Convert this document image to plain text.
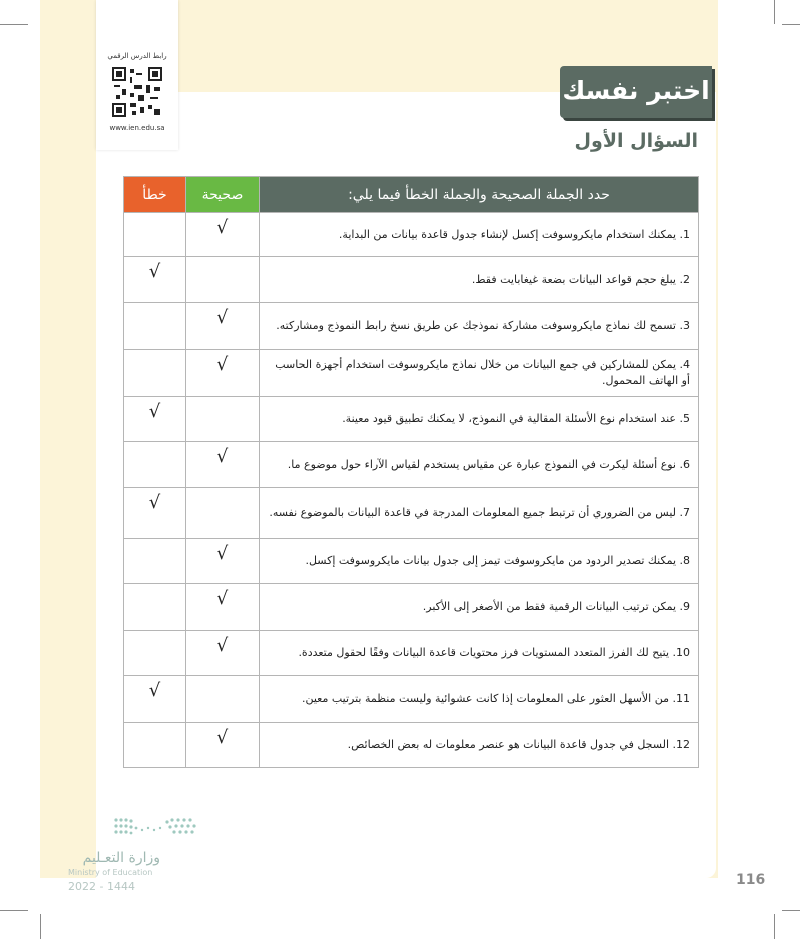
رابط الدرس الرقمي
www.ien.edu.sa
اختبر نفسك
السؤال الأول
خطأ	صحيحة	حدد الجملة الصحيحة والجملة الخطأ فيما يلي:
	√	1. يمكنك استخدام مايكروسوفت إكسل لإنشاء جدول قاعدة بيانات من البداية.
√		2. يبلغ حجم قواعد البيانات بضعة غيغابايت فقط.
	√	3. تسمح لك نماذج مايكروسوفت مشاركة نموذجك عن طريق نسخ رابط النموذج ومشاركته.
	√	4. يمكن للمشاركين في جمع البيانات من خلال نماذج مايكروسوفت استخدام أجهزة الحاسب أو الهاتف المحمول.
√		5. عند استخدام نوع الأسئلة المقالية في النموذج، لا يمكنك تطبيق قيود معينة.
	√	6. نوع أسئلة ليكرت في النموذج عبارة عن مقياس يستخدم لقياس الآراء حول موضوع ما.
√		7. ليس من الضروري أن ترتبط جميع المعلومات المدرجة في قاعدة البيانات بالموضوع نفسه.
	√	8. يمكنك تصدير الردود من مايكروسوفت تيمز إلى جدول بيانات مايكروسوفت إكسل.
	√	9. يمكن ترتيب البيانات الرقمية فقط من الأصغر إلى الأكبر.
	√	10. يتيح لك الفرز المتعدد المستويات فرز محتويات قاعدة البيانات وفقًا لحقول متعددة.
√		11. من الأسهل العثور على المعلومات إذا كانت عشوائية وليست منظمة بترتيب معين.
	√	12. السجل في جدول قاعدة البيانات هو عنصر معلومات له بعض الخصائص.
وزارة التعـليم
Ministry of Education
2022 - 1444	116
